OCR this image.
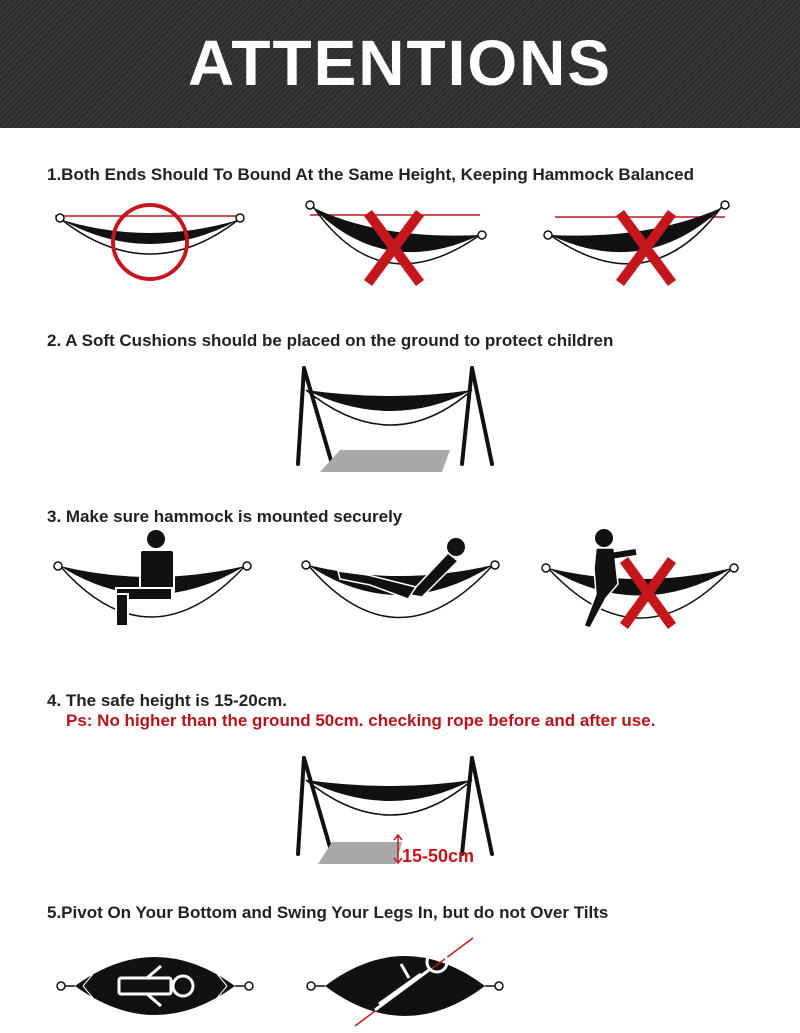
ATTENTIONS
1.Both Ends Should To Bound At the Same Height, Keeping Hammock Balanced
2. A Soft Cushions should be placed on the ground to protect children
3. Make sure hammock is mounted securely
4. The safe height is 15-20cm.
Ps: No higher than the ground 50cm. checking rope before and after use.
15-50cm
5.Pivot On Your Bottom and Swing Your Legs In, but do not Over Tilts
